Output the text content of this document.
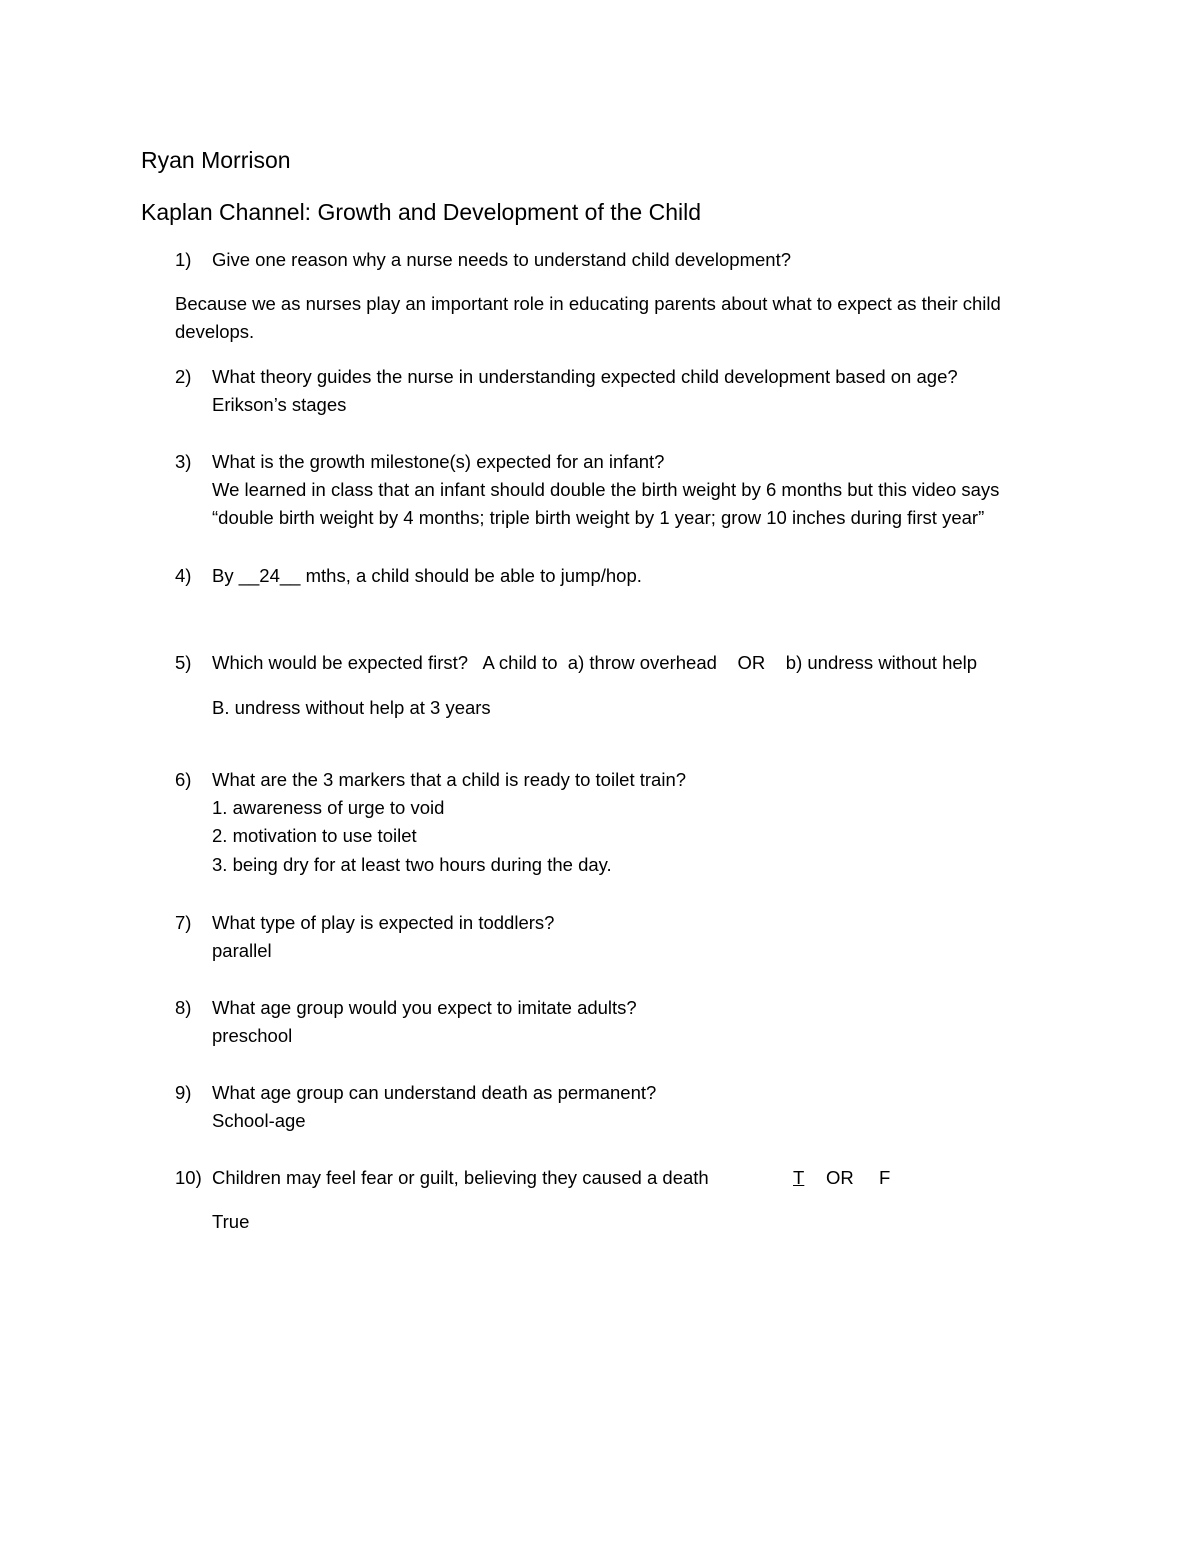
Ryan Morrison
Kaplan Channel: Growth and Development of the Child
1) Give one reason why a nurse needs to understand child development?
Because we as nurses play an important role in educating parents about what to expect as their child
develops.
2) What theory guides the nurse in understanding expected child development based on age?
Erikson’s stages
3) What is the growth milestone(s) expected for an infant?
We learned in class that an infant should double the birth weight by 6 months but this video says
“double birth weight by 4 months; triple birth weight by 1 year; grow 10 inches during first year”
4) By __24__ mths, a child should be able to jump/hop.
5) Which would be expected first?   A child to  a) throw overhead    OR    b) undress without help
B. undress without help at 3 years
6) What are the 3 markers that a child is ready to toilet train?
1. awareness of urge to void
2. motivation to use toilet
3. being dry for at least two hours during the day.
7) What type of play is expected in toddlers?
parallel
8) What age group would you expect to imitate adults?
preschool
9) What age group can understand death as permanent?
School-age
10) Children may feel fear or guilt, believing they caused a death	T OR F
True
